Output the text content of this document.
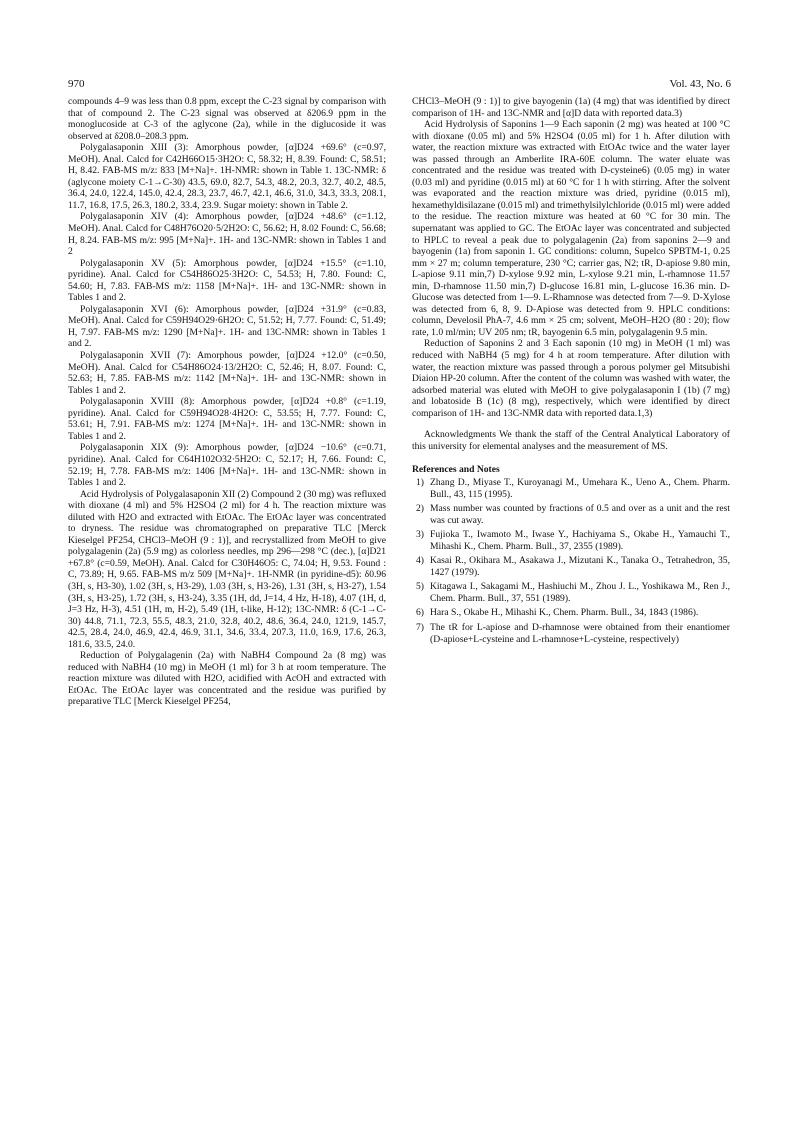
970	Vol. 43, No. 6

compounds 4–9 was less than 0.8 ppm, except the C-23 signal by comparison with that of compound 2. The C-23 signal was observed at δ206.9 ppm in the monoglucoside at C-3 of the aglycone (2a), while in the diglucoside it was observed at δ208.0–208.3 ppm.

Polygalasaponin XIII (3): Amorphous powder, [α]D24 +69.6° (c=0.97, MeOH). Anal. Calcd for C42H66O15·3H2O: C, 58.32; H, 8.39. Found: C, 58.51; H, 8.42. FAB-MS m/z: 833 [M+Na]+. 1H-NMR: shown in Table 1. 13C-NMR: δ (aglycone moiety C-1→C-30) 43.5, 69.0, 82.7, 54.3, 48.2, 20.3, 32.7, 40.2, 48.5, 36.4, 24.0, 122.4, 145.0, 42.4, 28.3, 23.7, 46.7, 42.1, 46.6, 31.0, 34.3, 33.3, 208.1, 11.7, 16.8, 17.5, 26.3, 180.2, 33.4, 23.9. Sugar moiety: shown in Table 2.

Polygalasaponin XIV (4): Amorphous powder, [α]D24 +48.6° (c=1.12, MeOH). Anal. Calcd for C48H76O20·5/2H2O: C, 56.62; H, 8.02 Found: C, 56.68; H, 8.24. FAB-MS m/z: 995 [M+Na]+. 1H- and 13C-NMR: shown in Tables 1 and 2

Polygalasaponin XV (5): Amorphous powder, [α]D24 +15.5° (c=1.10, pyridine). Anal. Calcd for C54H86O25·3H2O: C, 54.53; H, 7.80. Found: C, 54.60; H, 7.83. FAB-MS m/z: 1158 [M+Na]+. 1H- and 13C-NMR: shown in Tables 1 and 2.

Polygalasaponin XVI (6): Amorphous powder, [α]D24 +31.9° (c=0.83, MeOH). Anal. Calcd for C59H94O29·6H2O: C, 51.52; H, 7.77. Found: C, 51.49; H, 7.97. FAB-MS m/z: 1290 [M+Na]+. 1H- and 13C-NMR: shown in Tables 1 and 2.

Polygalasaponin XVII (7): Amorphous powder, [α]D24 +12.0° (c=0.50, MeOH). Anal. Calcd for C54H86O24·13/2H2O: C, 52.46; H, 8.07. Found: C, 52.63; H, 7.85. FAB-MS m/z: 1142 [M+Na]+. 1H- and 13C-NMR: shown in Tables 1 and 2.

Polygalasaponin XVIII (8): Amorphous powder, [α]D24 +0.8° (c=1.19, pyridine). Anal. Calcd for C59H94O28·4H2O: C, 53.55; H, 7.77. Found: C, 53.61; H, 7.91. FAB-MS m/z: 1274 [M+Na]+. 1H- and 13C-NMR: shown in Tables 1 and 2.

Polygalasaponin XIX (9): Amorphous powder, [α]D24 −10.6° (c=0.71, pyridine). Anal. Calcd for C64H102O32·5H2O: C, 52.17; H, 7.66. Found: C, 52.19; H, 7.78. FAB-MS m/z: 1406 [M+Na]+. 1H- and 13C-NMR: shown in Tables 1 and 2.

Acid Hydrolysis of Polygalasaponin XII (2) Compound 2 (30 mg) was refluxed with dioxane (4 ml) and 5% H2SO4 (2 ml) for 4 h. The reaction mixture was diluted with H2O and extracted with EtOAc. The EtOAc layer was concentrated to dryness. The residue was chromatographed on preparative TLC [Merck Kieselgel PF254, CHCl3–MeOH (9 : 1)], and recrystallized from MeOH to give polygalagenin (2a) (5.9 mg) as colorless needles, mp 296—298 °C (dec.), [α]D21 +67.8° (c=0.59, MeOH). Anal. Calcd for C30H46O5: C, 74.04; H, 9.53. Found : C, 73.89; H, 9.65. FAB-MS m/z 509 [M+Na]+. 1H-NMR (in pyridine-d5): δ0.96 (3H, s, H3-30), 1.02 (3H, s, H3-29), 1.03 (3H, s, H3-26), 1.31 (3H, s, H3-27), 1.54 (3H, s, H3-25), 1.72 (3H, s, H3-24), 3.35 (1H, dd, J=14, 4 Hz, H-18), 4.07 (1H, d, J=3 Hz, H-3), 4.51 (1H, m, H-2), 5.49 (1H, t-like, H-12); 13C-NMR: δ (C-1→C-30) 44.8, 71.1, 72.3, 55.5, 48.3, 21.0, 32.8, 40.2, 48.6, 36.4, 24.0, 121.9, 145.7, 42.5, 28.4, 24.0, 46.9, 42.4, 46.9, 31.1, 34.6, 33.4, 207.3, 11.0, 16.9, 17.6, 26.3, 181.6, 33.5, 24.0.

Reduction of Polygalagenin (2a) with NaBH4 Compound 2a (8 mg) was reduced with NaBH4 (10 mg) in MeOH (1 ml) for 3 h at room temperature. The reaction mixture was diluted with H2O, acidified with AcOH and extracted with EtOAc. The EtOAc layer was concentrated and the residue was purified by preparative TLC [Merck Kieselgel PF254,

CHCl3–MeOH (9 : 1)] to give bayogenin (1a) (4 mg) that was identified by direct comparison of 1H- and 13C-NMR and [α]D data with reported data.3)

Acid Hydrolysis of Saponins 1—9 Each saponin (2 mg) was heated at 100 °C with dioxane (0.05 ml) and 5% H2SO4 (0.05 ml) for 1 h. After dilution with water, the reaction mixture was extracted with EtOAc twice and the water layer was passed through an Amberlite IRA-60E column. The water eluate was concentrated and the residue was treated with D-cysteine6) (0.05 mg) in water (0.03 ml) and pyridine (0.015 ml) at 60 °C for 1 h with stirring. After the solvent was evaporated and the reaction mixture was dried, pyridine (0.015 ml), hexamethyldisilazane (0.015 ml) and trimethylsilylchloride (0.015 ml) were added to the residue. The reaction mixture was heated at 60 °C for 30 min. The supernatant was applied to GC. The EtOAc layer was concentrated and subjected to HPLC to reveal a peak due to polygalagenin (2a) from saponins 2—9 and bayogenin (1a) from saponin 1. GC conditions: column, Supelco SPBTM-1, 0.25 mm × 27 m; column temperature, 230 °C; carrier gas, N2; tR, D-apiose 9.80 min, L-apiose 9.11 min,7) D-xylose 9.92 min, L-xylose 9.21 min, L-rhamnose 11.57 min, D-rhamnose 11.50 min,7) D-glucose 16.81 min, L-glucose 16.36 min. D-Glucose was detected from 1—9. L-Rhamnose was detected from 7—9. D-Xylose was detected from 6, 8, 9. D-Apiose was detected from 9. HPLC conditions: column, Develosil PhA-7, 4.6 mm × 25 cm; solvent, MeOH–H2O (80 : 20); flow rate, 1.0 ml/min; UV 205 nm; tR, bayogenin 6.5 min, polygalagenin 9.5 min.

Reduction of Saponins 2 and 3 Each saponin (10 mg) in MeOH (1 ml) was reduced with NaBH4 (5 mg) for 4 h at room temperature. After dilution with water, the reaction mixture was passed through a porous polymer gel Mitsubishi Diaion HP-20 column. After the content of the column was washed with water, the adsorbed material was eluted with MeOH to give polygalasaponin I (1b) (7 mg) and lobatoside B (1c) (8 mg), respectively, which were identified by direct comparison of 1H- and 13C-NMR data with reported data.1,3)

Acknowledgments We thank the staff of the Central Analytical Laboratory of this university for elemental analyses and the measurement of MS.

References and Notes

1) Zhang D., Miyase T., Kuroyanagi M., Umehara K., Ueno A., Chem. Pharm. Bull., 43, 115 (1995).
2) Mass number was counted by fractions of 0.5 and over as a unit and the rest was cut away.
3) Fujioka T., Iwamoto M., Iwase Y., Hachiyama S., Okabe H., Yamauchi T., Mihashi K., Chem. Pharm. Bull., 37, 2355 (1989).
4) Kasai R., Okihara M., Asakawa J., Mizutani K., Tanaka O., Tetrahedron, 35, 1427 (1979).
5) Kitagawa I., Sakagami M., Hashiuchi M., Zhou J. L., Yoshikawa M., Ren J., Chem. Pharm. Bull., 37, 551 (1989).
6) Hara S., Okabe H., Mihashi K., Chem. Pharm. Bull., 34, 1843 (1986).
7) The tR for L-apiose and D-rhamnose were obtained from their enantiomer (D-apiose+L-cysteine and L-rhamnose+L-cysteine, respectively)
